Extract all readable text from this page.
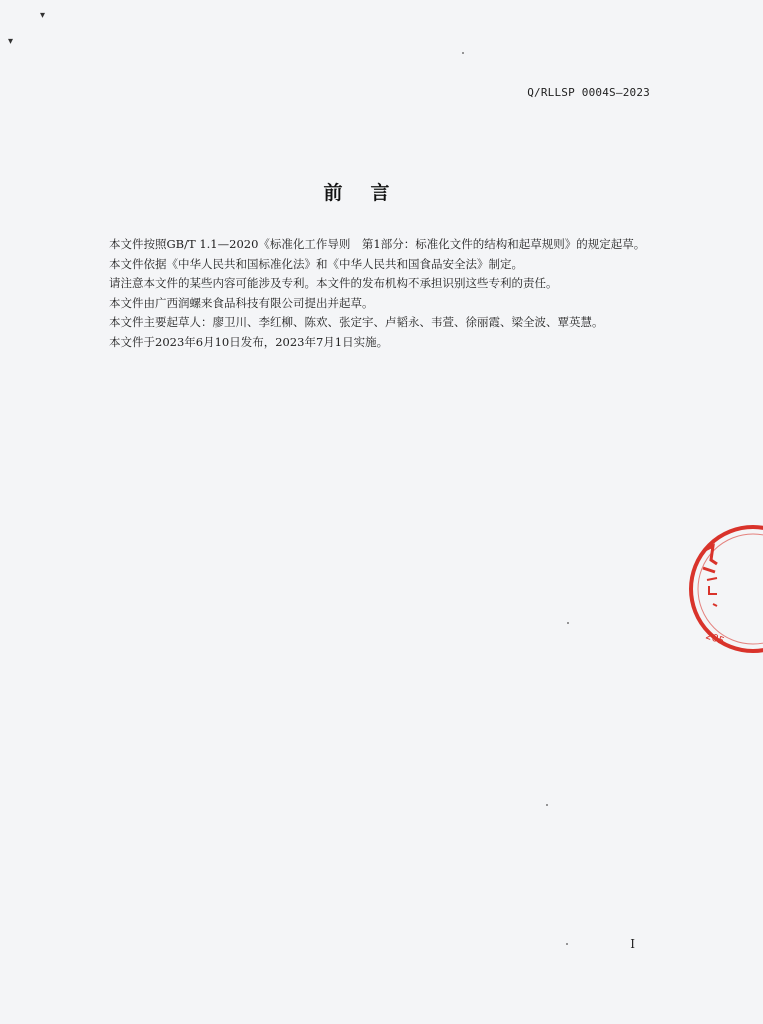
▾
▾
Q/RLLSP 0004S—2023
前言

本文件按照GB/T 1.1—2020《标准化工作导则　第1部分：标准化文件的结构和起草规则》的规定起草。

本文件依据《中华人民共和国标准化法》和《中华人民共和国食品安全法》制定。

请注意本文件的某些内容可能涉及专利。本文件的发布机构不承担识别这些专利的责任。

本文件由广西润螺来食品科技有限公司提出并起草。

本文件主要起草人：廖卫川、李红柳、陈欢、张定宇、卢韬永、韦萱、徐丽霞、梁全波、覃英慧。

本文件于2023年6月10日发布，2023年7月1日实施。

205
I
